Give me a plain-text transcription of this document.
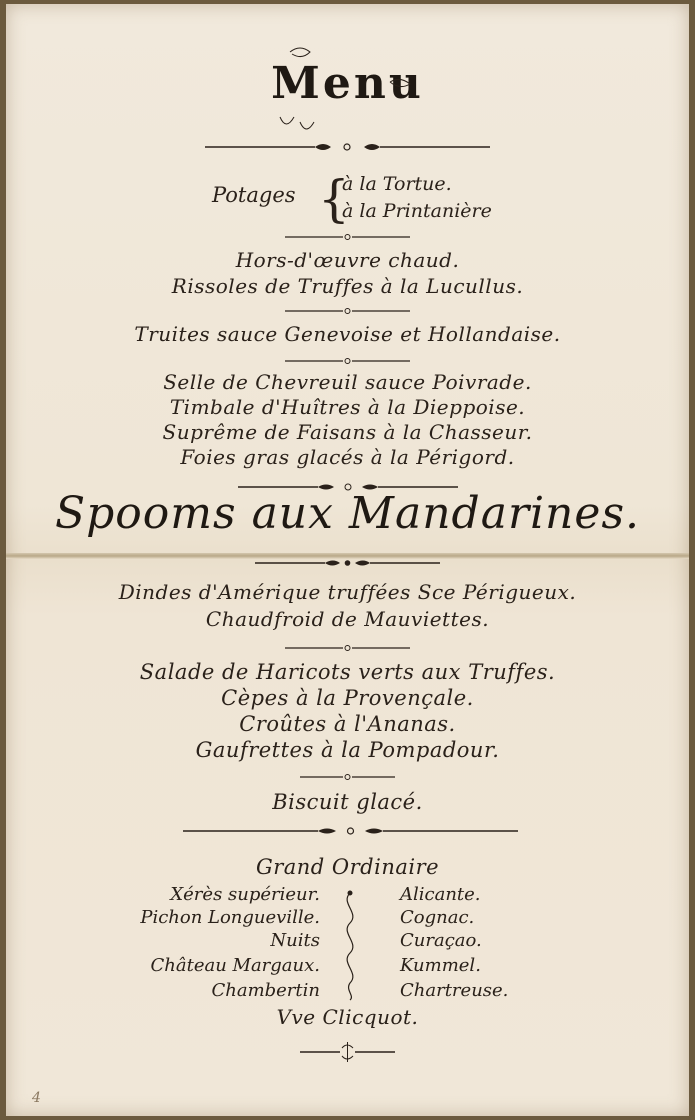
Menu
Potages {
à la Tortue.
à la Printanière
Hors-d'œuvre chaud.
Rissoles de Truffes à la Lucullus.
Truites sauce Genevoise et Hollandaise.
Selle de Chevreuil sauce Poivrade.
Timbale d'Huîtres à la Dieppoise.
Suprême de Faisans à la Chasseur.
Foies gras glacés à la Périgord.
Spooms aux Mandarines.
Dindes d'Amérique truffées Sce Périgueux.
Chaudfroid de Mauviettes.
Salade de Haricots verts aux Truffes.
Cèpes à la Provençale.
Croûtes à l'Ananas.
Gaufrettes à la Pompadour.
Biscuit glacé.
Grand Ordinaire
Xérès supérieur.
Pichon Longueville.
Nuits
Château Margaux.
Chambertin
Alicante.
Cognac.
Curaçao.
Kummel.
Chartreuse.
Vve Clicquot.
4
